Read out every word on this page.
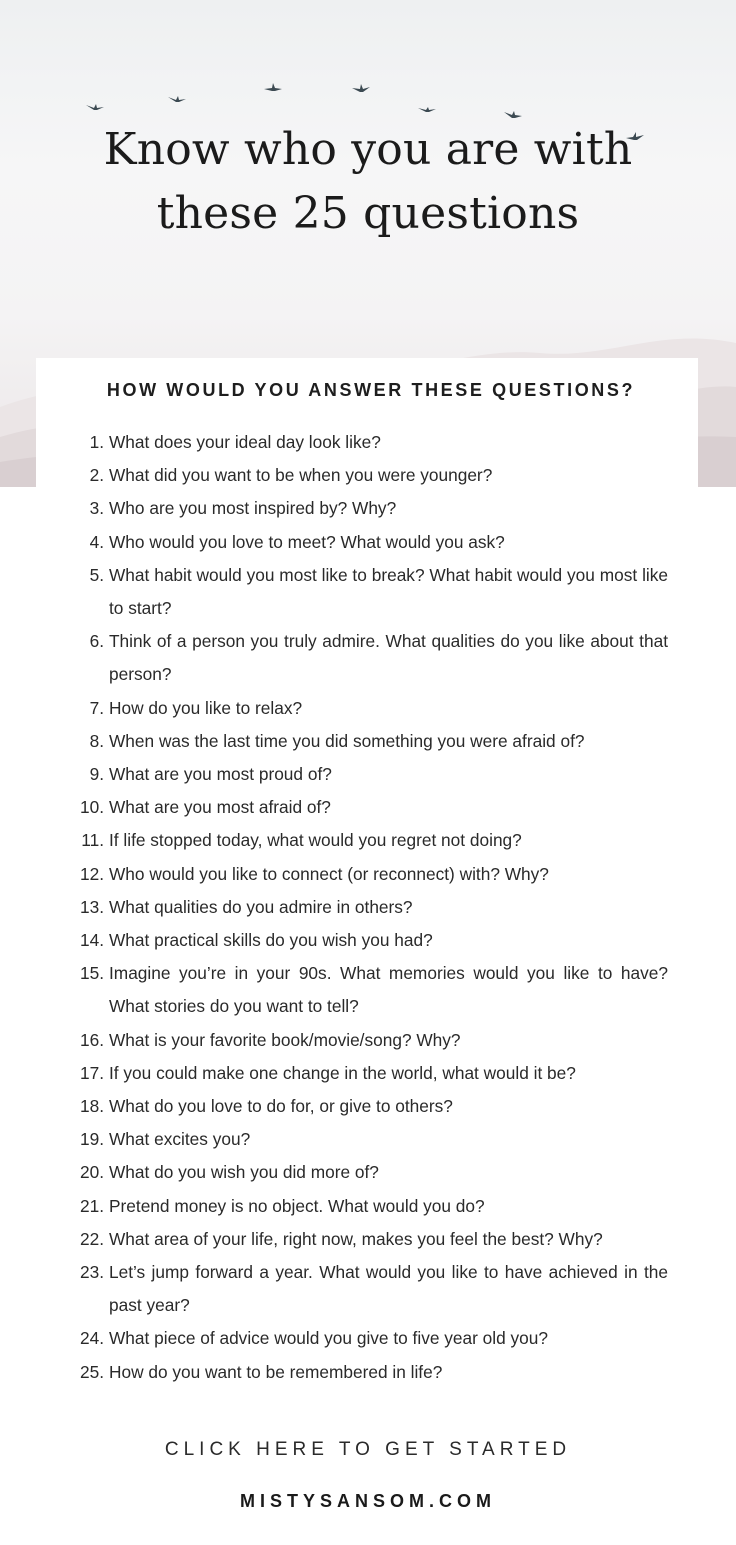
Know who you are with
these 25 questions
HOW WOULD YOU ANSWER THESE QUESTIONS?
1. What does your ideal day look like?
2. What did you want to be when you were younger?
3. Who are you most inspired by? Why?
4. Who would you love to meet? What would you ask?
5. What habit would you most like to break? What habit would you most like to start?
6. Think of a person you truly admire. What qualities do you like about that person?
7. How do you like to relax?
8. When was the last time you did something you were afraid of?
9. What are you most proud of?
10. What are you most afraid of?
11. If life stopped today, what would you regret not doing?
12. Who would you like to connect (or reconnect) with? Why?
13. What qualities do you admire in others?
14. What practical skills do you wish you had?
15. Imagine you’re in your 90s. What memories would you like to have? What stories do you want to tell?
16. What is your favorite book/movie/song? Why?
17. If you could make one change in the world, what would it be?
18. What do you love to do for, or give to others?
19. What excites you?
20. What do you wish you did more of?
21. Pretend money is no object. What would you do?
22. What area of your life, right now, makes you feel the best? Why?
23. Let’s jump forward a year. What would you like to have achieved in the past year?
24. What piece of advice would you give to five year old you?
25. How do you want to be remembered in life?
CLICK HERE TO GET STARTED
MISTYSANSOM.COM
